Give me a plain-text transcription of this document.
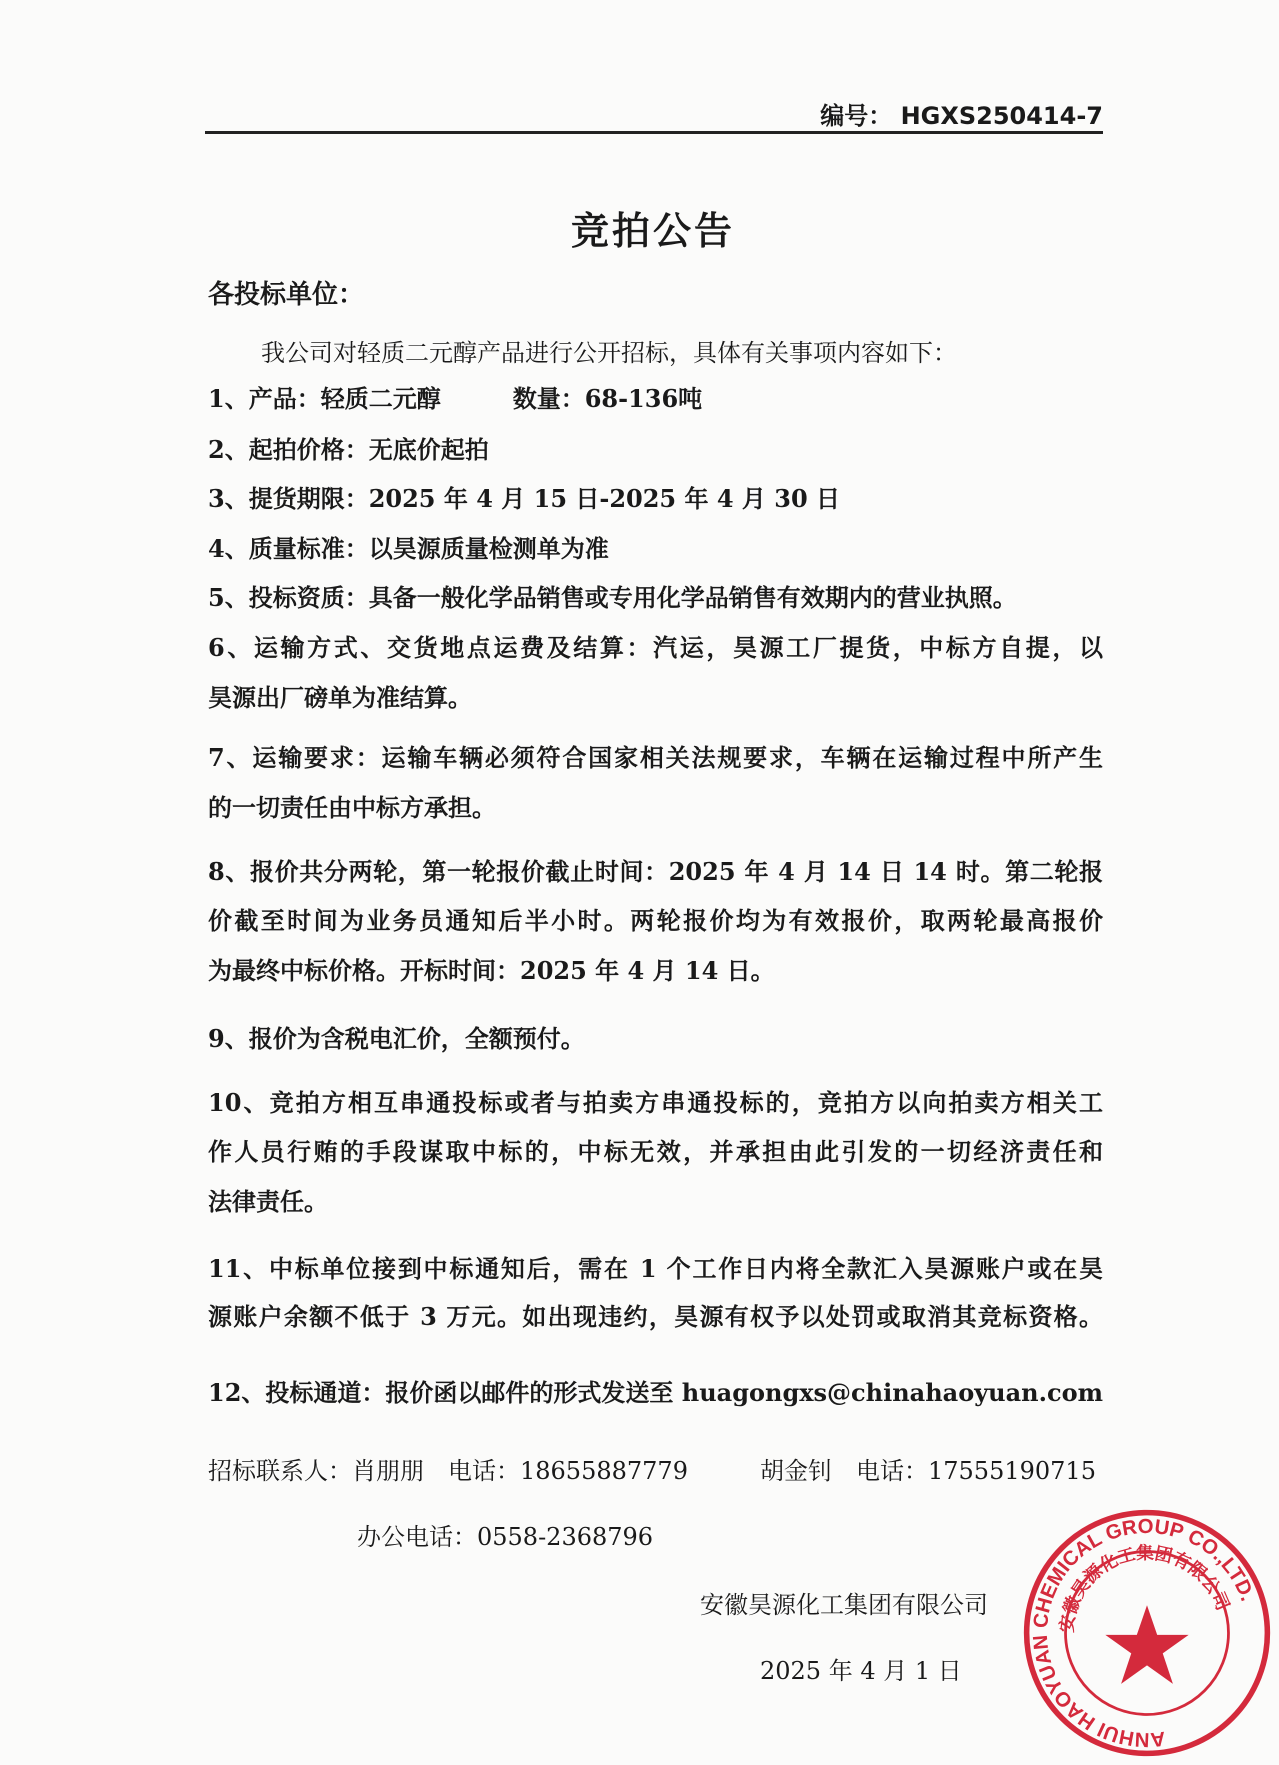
编号： HGXS250414-7
竞拍公告
各投标单位：
我公司对轻质二元醇产品进行公开招标，具体有关事项内容如下：
1、产品：轻质二元醇　　　数量：68-136吨
2、起拍价格：无底价起拍
3、提货期限：2025 年 4 月 15 日-2025 年 4 月 30 日
4、质量标准：以昊源质量检测单为准
5、投标资质：具备一般化学品销售或专用化学品销售有效期内的营业执照。
6、运输方式、交货地点运费及结算：汽运，昊源工厂提货，中标方自提，以
昊源出厂磅单为准结算。
7、运输要求：运输车辆必须符合国家相关法规要求，车辆在运输过程中所产生
的一切责任由中标方承担。
8、报价共分两轮，第一轮报价截止时间：2025 年 4 月 14 日 14 时。第二轮报
价截至时间为业务员通知后半小时。两轮报价均为有效报价，取两轮最高报价
为最终中标价格。开标时间：2025 年 4 月 14 日。
9、报价为含税电汇价，全额预付。
10、竞拍方相互串通投标或者与拍卖方串通投标的，竞拍方以向拍卖方相关工
作人员行贿的手段谋取中标的，中标无效，并承担由此引发的一切经济责任和
法律责任。
11、中标单位接到中标通知后，需在 1 个工作日内将全款汇入昊源账户或在昊
源账户余额不低于 3 万元。如出现违约，昊源有权予以处罚或取消其竞标资格。
12、投标通道：报价函以邮件的形式发送至 huagongxs@chinahaoyuan.com
招标联系人：肖朋朋　电话：18655887779	胡金钊　电话：17555190715
办公电话：0558-2368796
安徽昊源化工集团有限公司
2025 年 4 月 1 日
ANHUI HAOYUAN CHEMICAL GROUP CO.,LTD.
安徽昊源化工集团有限公司
